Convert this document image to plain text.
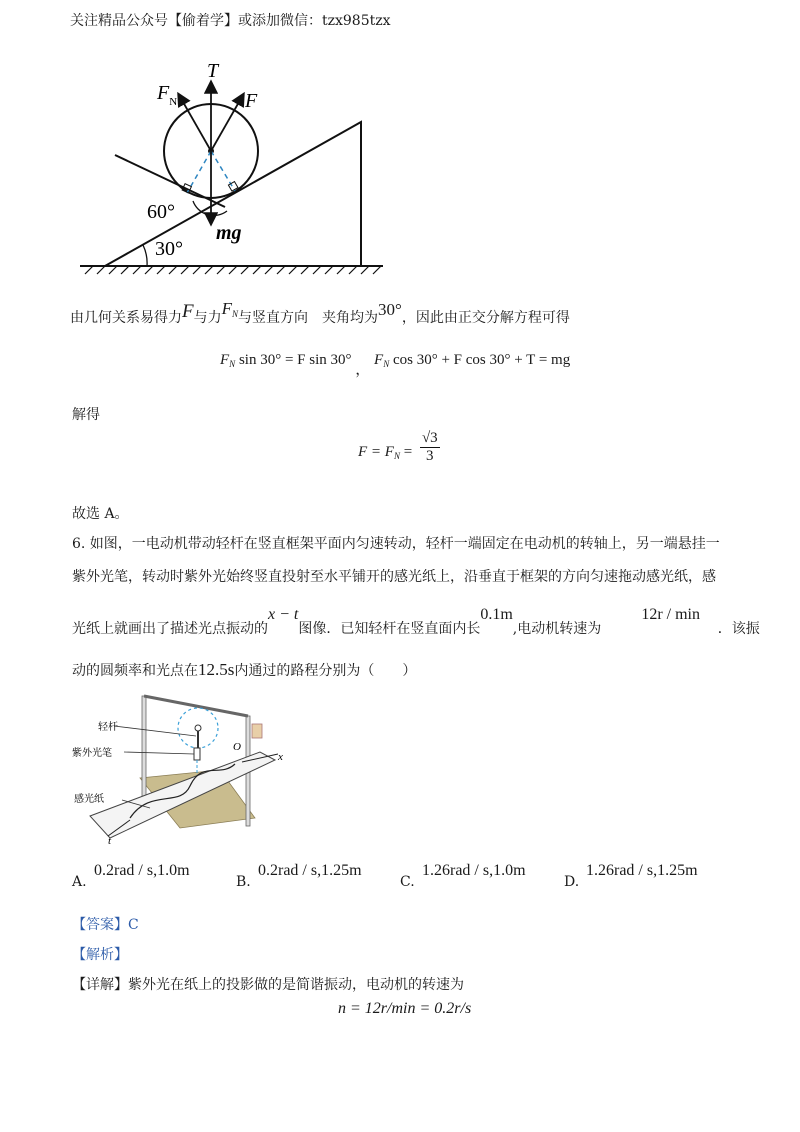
关注精品公众号【偷着学】或添加微信：tzx985tzx
T
$F_N$	F
60°
mg
30°
由几何关系易得力F与力$F_N$与竖直方向　夹角均为30°，因此由正交分解方程可得
$F_N$ sin 30° = F sin 30° ， $F_N$ cos 30° + F cos 30° + T = mg
解得
$F = F_N = \frac{√3}{3}$
故选 A。
6. 如图，一电动机带动轻杆在竖直框架平面内匀速转动，轻杆一端固定在电动机的转轴上，另一端悬挂一
紫外光笔，转动时紫外光始终竖直投射至水平铺开的感光纸上，沿垂直于框架的方向匀速拖动感光纸，感
光纸上就画出了描述光点振动的x − t图像．已知轻杆在竖直面内长0.1m,电动机转速为         12r / min    ．该振
动的圆频率和光点在12.5s内通过的路程分别为（　　）
轻杆
紫外光笔
感光纸
O
x
t
A.
0.2rad / s,1.0m
B.
0.2rad / s,1.25m
C.
1.26rad / s,1.0m
D.
1.26rad / s,1.25m
【答案】C
【解析】
【详解】紫外光在纸上的投影做的是简谐振动，电动机的转速为
n = 12r/min = 0.2r/s
